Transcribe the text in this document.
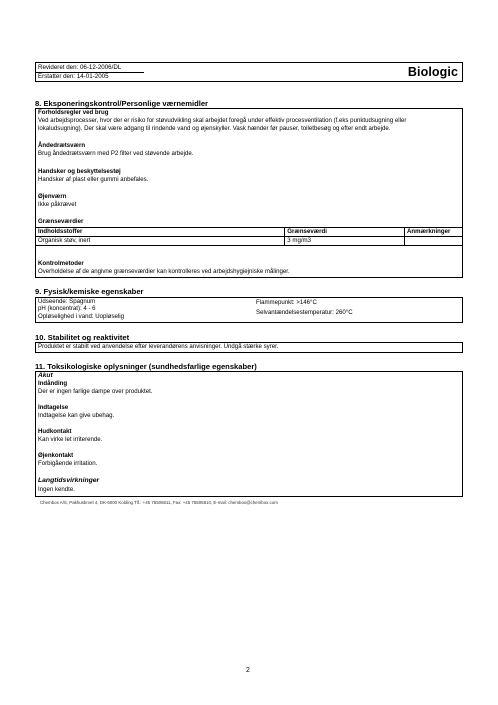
Revideret den: 06-12-2006/DL
Erstatter den: 14-01-2005	Biologic
8. Eksponeringskontrol/Personlige værnemidler
Forholdsregler ved brug
Ved arbejdsprocesser, hvor der er risiko for støvudvikling skal arbejdet foregå under effektiv procesventilation (f.eks punktudsugning eller
lokaludsugning). Der skal være adgang til rindende vand og øjenskyller. Vask hænder før pauser, toiletbesøg og efter endt arbejde.
Åndedrætsværn
Brug åndedrætsværn med P2 filter ved støvende arbejde.
Handsker og beskyttelsestøj
Handsker af plast eller gummi anbefales.
Øjenværn
Ikke påkrævet
Grænseværdier
Indholdsstoffer	Grænseværdi	Anmærkninger
Organisk støv, inert	3 mg/m3	
Kontrolmetoder
Overholdelse af de angivne grænseværdier kan kontrolleres ved arbejdshygiejniske målinger.
9. Fysisk/kemiske egenskaber
Udseende: Spagnum
pH (koncentrat): 4 - 6
Opløselighed i vand: Uopløselig
Flammepunkt: >146°C
Selvantændelsestemperatur: 260°C
10. Stabilitet og reaktivitet
Produktet er stabilt ved anvendelse efter leverandørens anvisninger. Undgå stærke syrer.
11. Toksikologiske oplysninger (sundhedsfarlige egenskaber)
Akut
Indånding
Der er ingen farlige dampe over produktet.
Indtagelse
Indtagelse kan give ubehag.
Hudkontakt
Kan virke let irriterende.
Øjenkontakt
Forbigående irritation.
Langtidsvirkninger
Ingen kendte.
Chembox A/S, Pakhusbrvet 4, DK-6000 Kolding Tlf.: +45 75506811, Fax: +45 75506810, E-mail: chembox@chembox.com
2
